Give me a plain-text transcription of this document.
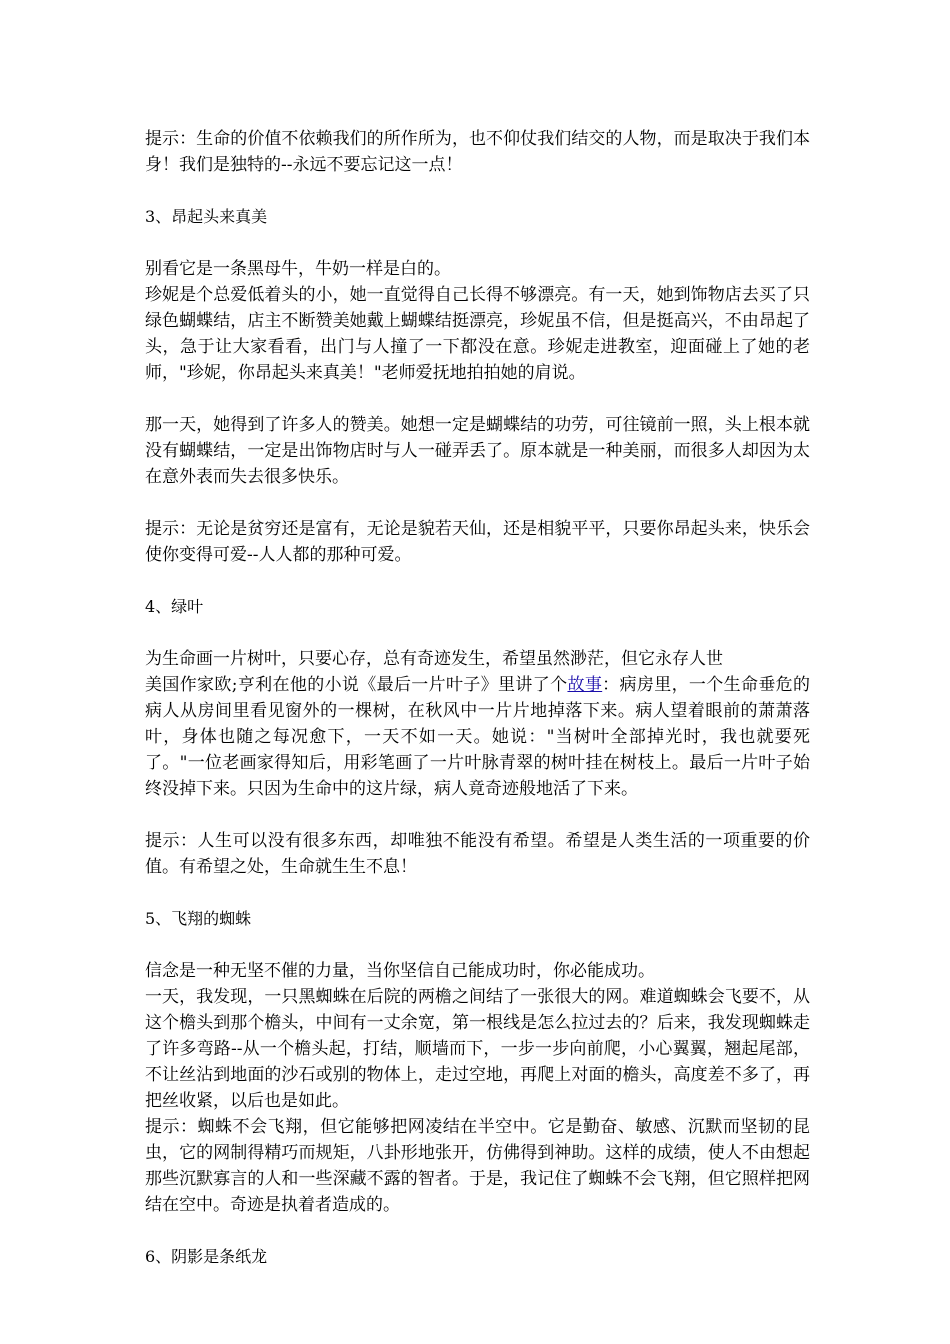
提示：生命的价值不依赖我们的所作所为，也不仰仗我们结交的人物，而是取决于我们本身！我们是独特的--永远不要忘记这一点！

3、昂起头来真美

别看它是一条黑母牛，牛奶一样是白的。

珍妮是个总爱低着头的小，她一直觉得自己长得不够漂亮。有一天，她到饰物店去买了只绿色蝴蝶结，店主不断赞美她戴上蝴蝶结挺漂亮，珍妮虽不信，但是挺高兴，不由昂起了头，急于让大家看看，出门与人撞了一下都没在意。珍妮走进教室，迎面碰上了她的老师，"珍妮，你昂起头来真美！"老师爱抚地拍拍她的肩说。

那一天，她得到了许多人的赞美。她想一定是蝴蝶结的功劳，可往镜前一照，头上根本就没有蝴蝶结，一定是出饰物店时与人一碰弄丢了。原本就是一种美丽，而很多人却因为太在意外表而失去很多快乐。

提示：无论是贫穷还是富有，无论是貌若天仙，还是相貌平平，只要你昂起头来，快乐会使你变得可爱--人人都的那种可爱。

4、绿叶

为生命画一片树叶，只要心存，总有奇迹发生，希望虽然渺茫，但它永存人世

美国作家欧;亨利在他的小说《最后一片叶子》里讲了个故事：病房里，一个生命垂危的病人从房间里看见窗外的一棵树，在秋风中一片片地掉落下来。病人望着眼前的萧萧落叶，身体也随之每况愈下，一天不如一天。她说："当树叶全部掉光时，我也就要死了。"一位老画家得知后，用彩笔画了一片叶脉青翠的树叶挂在树枝上。最后一片叶子始终没掉下来。只因为生命中的这片绿，病人竟奇迹般地活了下来。

提示：人生可以没有很多东西，却唯独不能没有希望。希望是人类生活的一项重要的价值。有希望之处，生命就生生不息！

5、飞翔的蜘蛛

信念是一种无坚不催的力量，当你坚信自己能成功时，你必能成功。

一天，我发现，一只黑蜘蛛在后院的两檐之间结了一张很大的网。难道蜘蛛会飞要不，从这个檐头到那个檐头，中间有一丈余宽，第一根线是怎么拉过去的？后来，我发现蜘蛛走了许多弯路--从一个檐头起，打结，顺墙而下，一步一步向前爬，小心翼翼，翘起尾部，不让丝沾到地面的沙石或别的物体上，走过空地，再爬上对面的檐头，高度差不多了，再把丝收紧，以后也是如此。

提示：蜘蛛不会飞翔，但它能够把网凌结在半空中。它是勤奋、敏感、沉默而坚韧的昆虫，它的网制得精巧而规矩，八卦形地张开，仿佛得到神助。这样的成绩，使人不由想起那些沉默寡言的人和一些深藏不露的智者。于是，我记住了蜘蛛不会飞翔，但它照样把网结在空中。奇迹是执着者造成的。

6、阴影是条纸龙
